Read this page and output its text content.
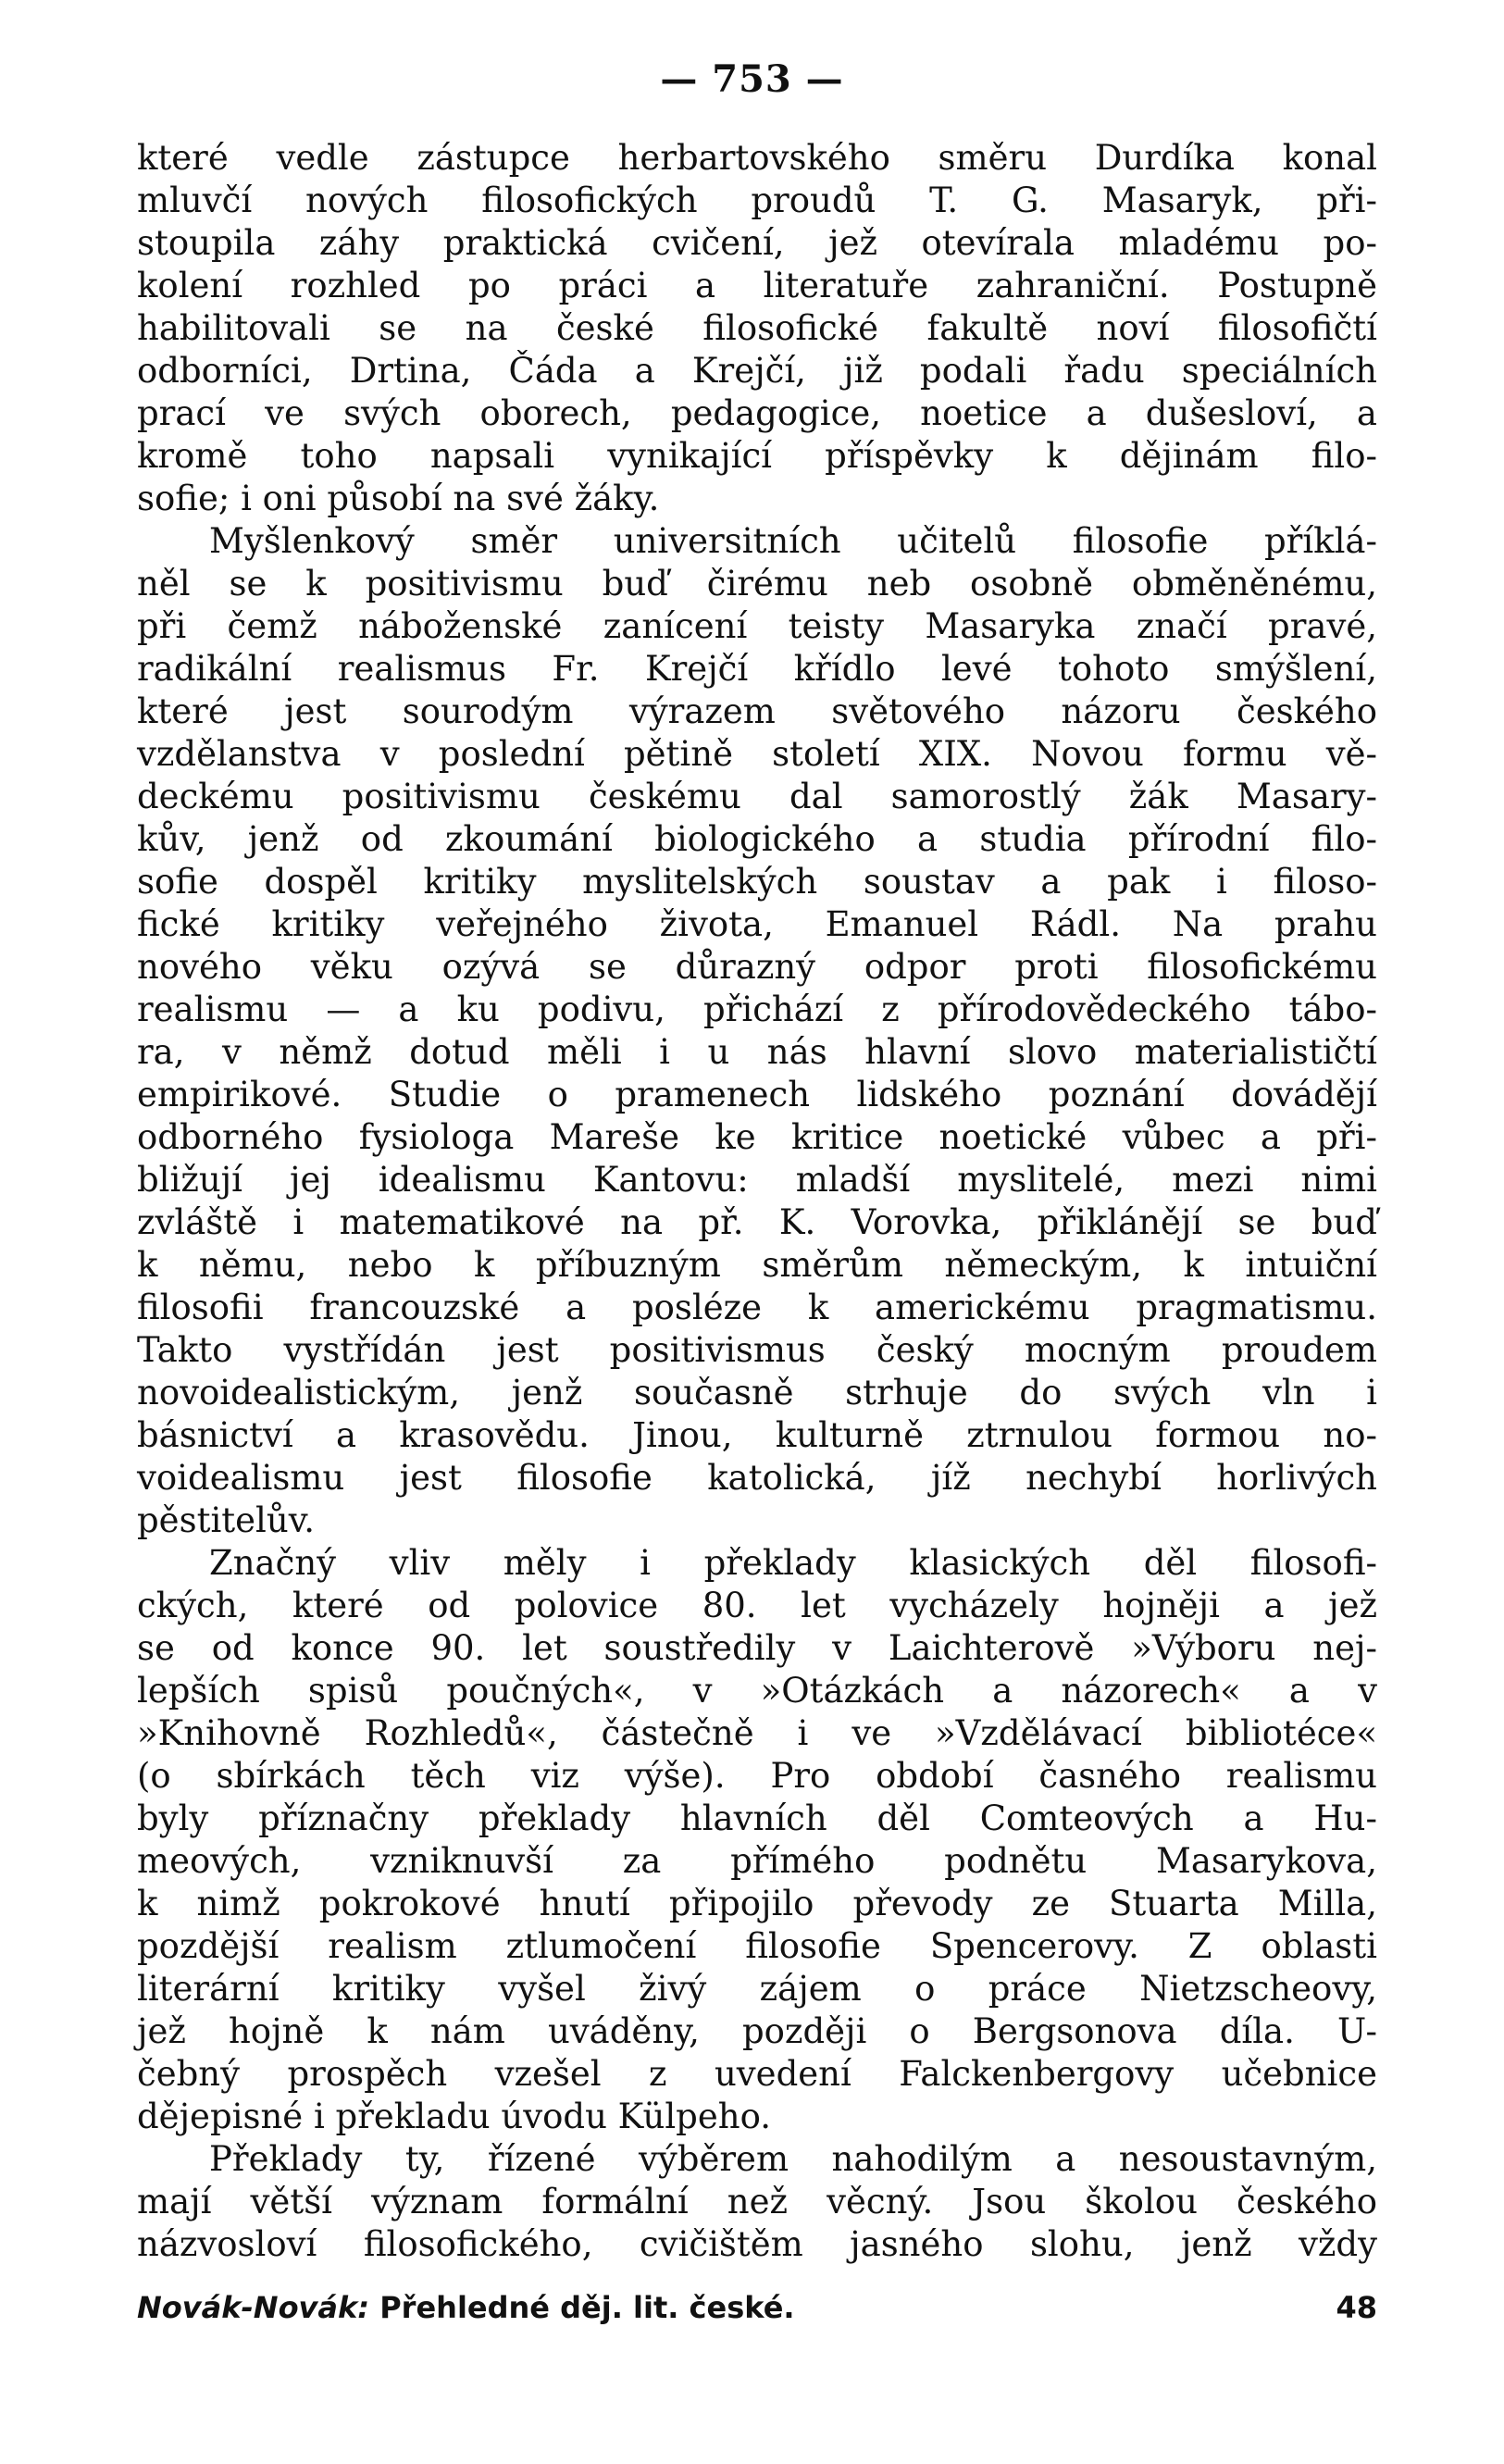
— 753 —
které vedle zástupce herbartovského směru Durdíka konal
mluvčí nových filosofických proudů T. G. Masaryk, při-
stoupila záhy praktická cvičení, jež otevírala mladému po-
kolení rozhled po práci a literatuře zahraniční. Postupně
habilitovali se na české filosofické fakultě noví filosofičtí
odborníci, Drtina, Čáda a Krejčí, již podali řadu speciálních
prací ve svých oborech, pedagogice, noetice a dušesloví, a
kromě toho napsali vynikající příspěvky k dějinám filo-
sofie; i oni působí na své žáky.
Myšlenkový směr universitních učitelů filosofie příklá-
něl se k positivismu buď čirému neb osobně obměněnému,
při čemž náboženské zanícení teisty Masaryka značí pravé,
radikální realismus Fr. Krejčí křídlo levé tohoto smýšlení,
které jest sourodým výrazem světového názoru českého
vzdělanstva v poslední pětině století XIX. Novou formu vě-
deckému positivismu českému dal samorostlý žák Masary-
kův, jenž od zkoumání biologického a studia přírodní filo-
sofie dospěl kritiky myslitelských soustav a pak i filoso-
fické kritiky veřejného života, Emanuel Rádl. Na prahu
nového věku ozývá se důrazný odpor proti filosofickému
realismu — a ku podivu, přichází z přírodovědeckého tábo-
ra, v němž dotud měli i u nás hlavní slovo materialističtí
empirikové. Studie o pramenech lidského poznání dovádějí
odborného fysiologa Mareše ke kritice noetické vůbec a při-
bližují jej idealismu Kantovu: mladší myslitelé, mezi nimi
zvláště i matematikové na př. K. Vorovka, přiklánějí se buď
k němu, nebo k příbuzným směrům německým, k intuiční
filosofii francouzské a posléze k americkému pragmatismu.
Takto vystřídán jest positivismus český mocným proudem
novoidealistickým, jenž současně strhuje do svých vln i
básnictví a krasovědu. Jinou, kulturně ztrnulou formou no-
voidealismu jest filosofie katolická, jíž nechybí horlivých
pěstitelův.
Značný vliv měly i překlady klasických děl filosofi-
ckých, které od polovice 80. let vycházely hojněji a jež
se od konce 90. let soustředily v Laichterově »Výboru nej-
lepších spisů poučných«, v »Otázkách a názorech« a v
»Knihovně Rozhledů«, částečně i ve »Vzdělávací bibliotéce«
(o sbírkách těch viz výše). Pro období časného realismu
byly příznačny překlady hlavních děl Comteových a Hu-
meových, vzniknuvší za přímého podnětu Masarykova,
k nimž pokrokové hnutí připojilo převody ze Stuarta Milla,
pozdější realism ztlumočení filosofie Spencerovy. Z oblasti
literární kritiky vyšel živý zájem o práce Nietzscheovy,
jež hojně k nám uváděny, později o Bergsonova díla. U-
čebný prospěch vzešel z uvedení Falckenbergovy učebnice
dějepisné i překladu úvodu Külpeho.
Překlady ty, řízené výběrem nahodilým a nesoustavným,
mají větší význam formální než věcný. Jsou školou českého
názvosloví filosofického, cvičištěm jasného slohu, jenž vždy
Novák-Novák: Přehledné děj. lit. české.	48
